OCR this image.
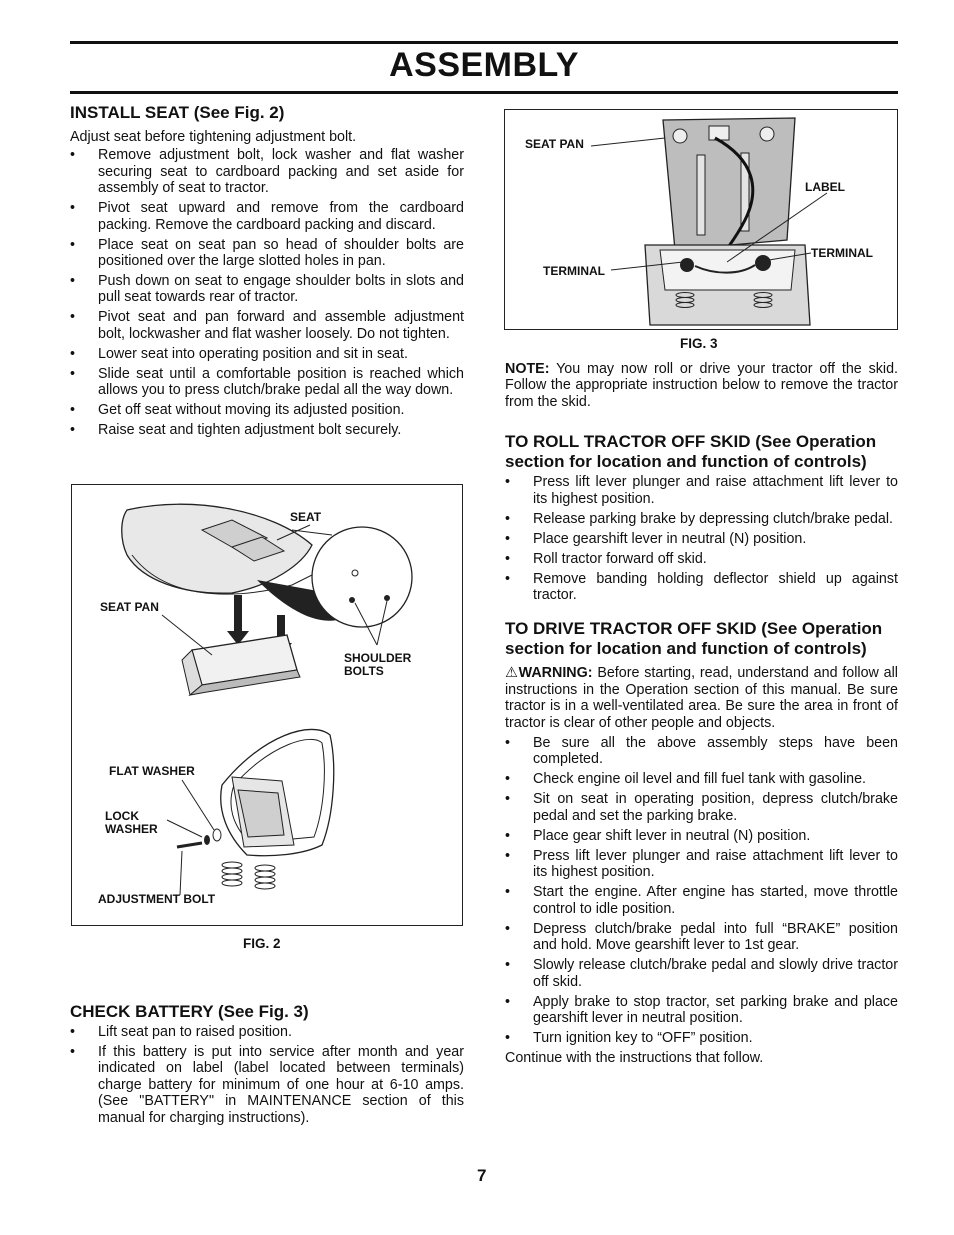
ASSEMBLY
INSTALL SEAT (See Fig. 2)

Adjust seat before tightening adjustment bolt.

• Remove adjustment bolt, lock washer and flat washer securing seat to cardboard packing and set aside for assembly of seat to tractor.
• Pivot seat upward and remove from the cardboard packing. Remove the cardboard packing and discard.
• Place seat on seat pan so head of shoulder bolts are positioned over the large slotted holes in pan.
• Push down on seat to engage shoulder bolts in slots and pull seat towards rear of tractor.
• Pivot seat and pan forward and assemble adjustment bolt, lockwasher and flat washer loosely. Do not tighten.
• Lower seat into operating position and sit in seat.
• Slide seat until a comfortable position is reached which allows you to press clutch/brake pedal all the way down.
• Get off seat without moving its adjusted position.
• Raise seat and tighten adjustment bolt securely.
SEAT
SEAT PAN
SHOULDER
BOLTS
FLAT WASHER
LOCK
WASHER
ADJUSTMENT BOLT
FIG. 2
CHECK BATTERY (See Fig. 3)
• Lift seat pan to raised position.
• If this battery is put into service after month and year indicated on label (label located between terminals) charge battery for minimum of one hour at 6-10 amps. (See "BATTERY" in MAINTENANCE section of this manual for charging instructions).
SEAT PAN
LABEL
TERMINAL
TERMINAL
FIG. 3

NOTE: You may now roll or drive your tractor off the skid. Follow the appropriate instruction below to remove the tractor from the skid.

TO ROLL TRACTOR OFF SKID (See Operation section for location and function of controls)
• Press lift lever plunger and raise attachment lift lever to its highest position.
• Release parking brake by depressing clutch/brake pedal.
• Place gearshift lever in neutral (N) position.
• Roll tractor forward off skid.
• Remove banding holding deflector shield up against tractor.
TO DRIVE TRACTOR OFF SKID (See Operation section for location and function of controls)

⚠WARNING: Before starting, read, understand and follow all instructions in the Operation section of this manual. Be sure tractor is in a well-ventilated area. Be sure the area in front of tractor is clear of other people and objects.

• Be sure all the above assembly steps have been completed.
• Check engine oil level and fill fuel tank with gasoline.
• Sit on seat in operating position, depress clutch/brake pedal and set the parking brake.
• Place gear shift lever in neutral (N) position.
• Press lift lever plunger and raise attachment lift lever to its highest position.
• Start the engine. After engine has started, move throttle control to idle position.
• Depress clutch/brake pedal into full “BRAKE” position and hold. Move gearshift lever to 1st gear.
• Slowly release clutch/brake pedal and slowly drive tractor off skid.
• Apply brake to stop tractor, set parking brake and place gearshift lever in neutral position.
• Turn ignition key to “OFF” position.

Continue with the instructions that follow.

7
